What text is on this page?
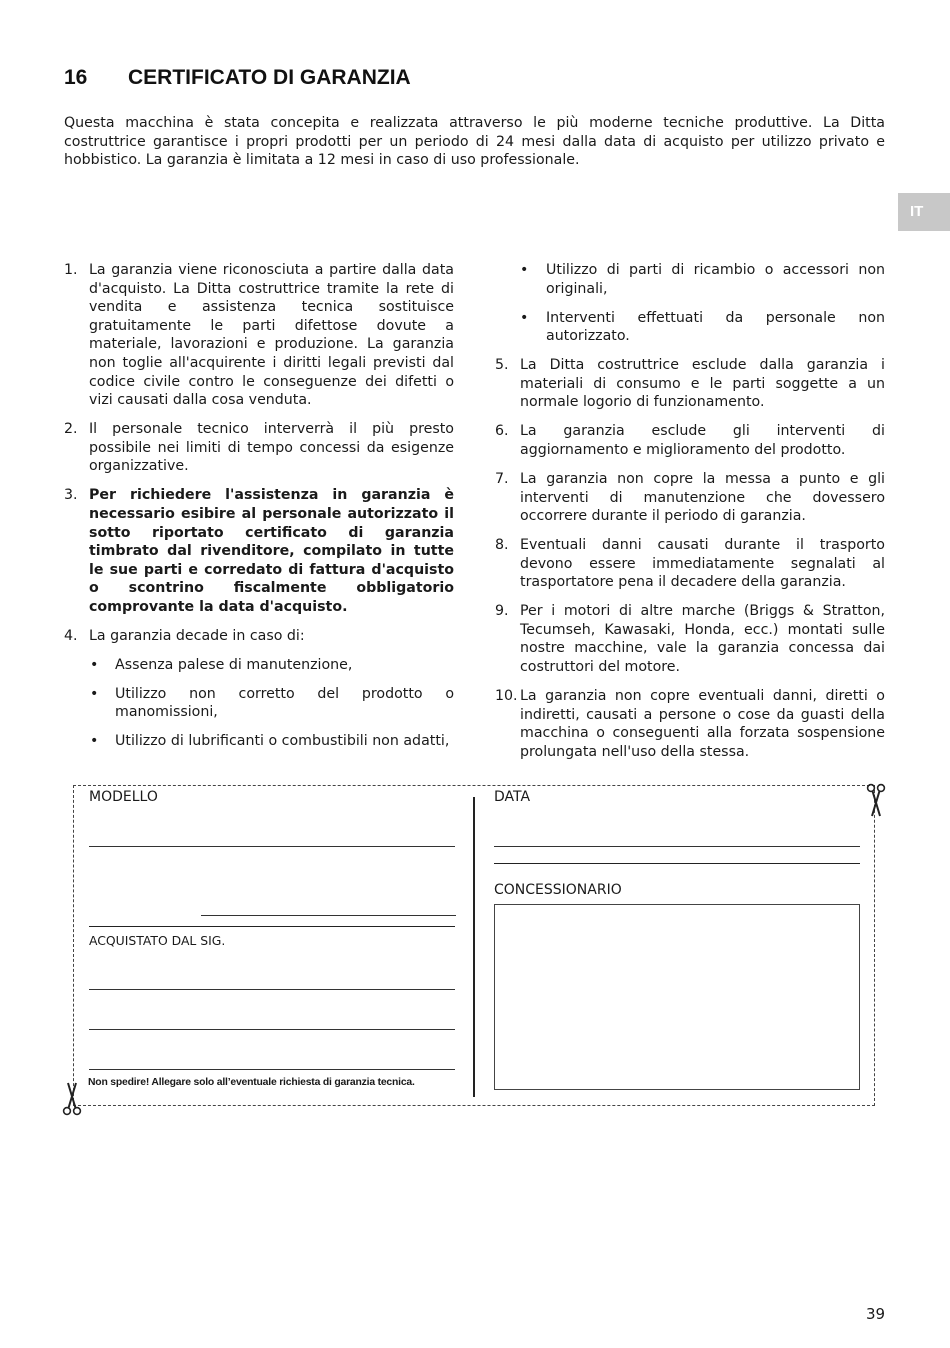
16 CERTIFICATO DI GARANZIA

Questa macchina è stata concepita e realizzata attraverso le più moderne tecniche produttive. La Ditta costruttrice garantisce i propri prodotti per un periodo di 24 mesi dalla data di acquisto per utilizzo privato e hobbistico. La garanzia è limitata a 12 mesi in caso di uso professionale.

IT
1. La garanzia viene riconosciuta a partire dalla data d'acquisto. La Ditta costruttrice tramite la rete di vendita e assistenza tecnica sostituisce gratuitamente le parti difettose dovute a materiale, lavorazioni e produzione. La garanzia non toglie all'acquirente i diritti legali previsti dal codice civile contro le conseguenze dei difetti o vizi causati dalla cosa venduta.
2. Il personale tecnico interverrà il più presto possibile nei limiti di tempo concessi da esigenze organizzative.
3. Per richiedere l'assistenza in garanzia è necessario esibire al personale autorizzato il sotto riportato certificato di garanzia timbrato dal rivenditore, compilato in tutte le sue parti e corredato di fattura d'acquisto o scontrino fiscalmente obbligatorio comprovante la data d'acquisto.
4. La garanzia decade in caso di:
• Assenza palese di manutenzione,
• Utilizzo non corretto del prodotto o manomissioni,
• Utilizzo di lubrificanti o combustibili non adatti,
• Utilizzo di parti di ricambio o accessori non originali,
• Interventi effettuati da personale non autorizzato.
5. La Ditta costruttrice esclude dalla garanzia i materiali di consumo e le parti soggette a un normale logorio di funzionamento.
6. La garanzia esclude gli interventi di aggiornamento e miglioramento del prodotto.
7. La garanzia non copre la messa a punto e gli interventi di manutenzione che dovessero occorrere durante il periodo di garanzia.
8. Eventuali danni causati durante il trasporto devono essere immediatamente segnalati al trasportatore pena il decadere della garanzia.
9. Per i motori di altre marche (Briggs & Stratton, Tecumseh, Kawasaki, Honda, ecc.) montati sulle nostre macchine, vale la garanzia concessa dai costruttori del motore.
10. La garanzia non copre eventuali danni, diretti o indiretti, causati a persone o cose da guasti della macchina o conseguenti alla forzata sospensione prolungata nell'uso della stessa.

MODELLO

ACQUISTATO DAL SIG.

Non spedire! Allegare solo all’eventuale richiesta di garanzia tecnica.

DATA

CONCESSIONARIO

39
